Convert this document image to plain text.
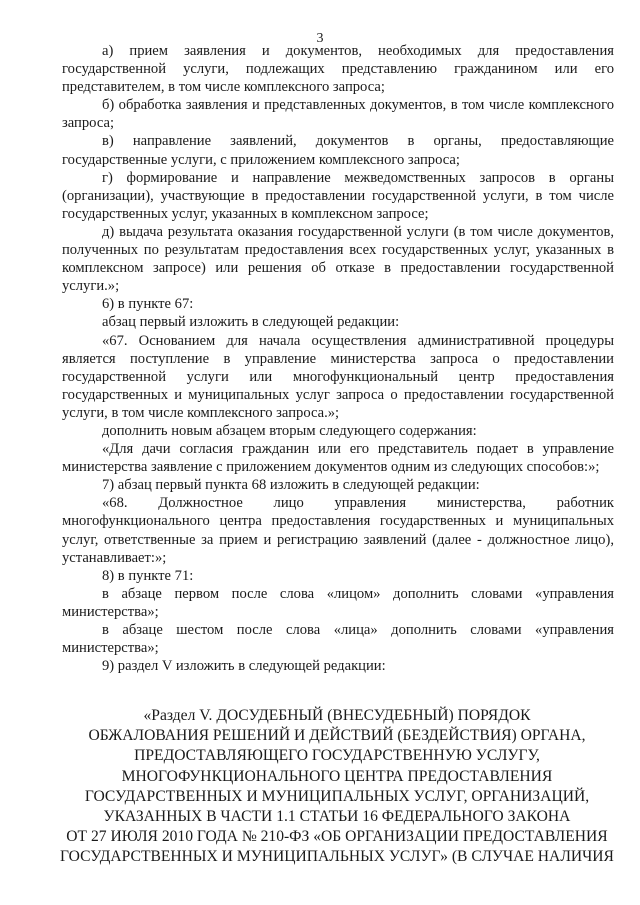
3

а) прием заявления и документов, необходимых для предоставления государственной услуги, подлежащих представлению гражданином или его представителем, в том числе комплексного запроса;

б) обработка заявления и представленных документов, в том числе комплексного запроса;

в) направление заявлений, документов в органы, предоставляющие государственные услуги, с приложением комплексного запроса;

г) формирование и направление межведомственных запросов в органы (организации), участвующие в предоставлении государственной услуги, в том числе государственных услуг, указанных в комплексном запросе;

д) выдача результата оказания государственной услуги (в том числе документов, полученных по результатам предоставления всех государственных услуг, указанных в комплексном запросе) или решения об отказе в предоставлении государственной услуги.»;

6) в пункте 67:

абзац первый изложить в следующей редакции:

«67. Основанием для начала осуществления административной процедуры является поступление в управление министерства запроса о предоставлении государственной услуги или многофункциональный центр предоставления государственных и муниципальных услуг запроса о предоставлении государственной услуги, в том числе комплексного запроса.»;

дополнить новым абзацем вторым следующего содержания:

«Для дачи согласия гражданин или его представитель подает в управление министерства заявление с приложением документов одним из следующих способов:»;

7) абзац первый пункта 68 изложить в следующей редакции:

«68. Должностное лицо управления министерства, работник многофункционального центра предоставления государственных и муниципальных услуг, ответственные за прием и регистрацию заявлений (далее - должностное лицо), устанавливает:»;

8) в пункте 71:

в абзаце первом после слова «лицом» дополнить словами «управления министерства»;

в абзаце шестом после слова «лица» дополнить словами «управления министерства»;

9) раздел V изложить в следующей редакции:

«Раздел V. ДОСУДЕБНЫЙ (ВНЕСУДЕБНЫЙ) ПОРЯДОК
ОБЖАЛОВАНИЯ РЕШЕНИЙ И ДЕЙСТВИЙ (БЕЗДЕЙСТВИЯ) ОРГАНА,
ПРЕДОСТАВЛЯЮЩЕГО ГОСУДАРСТВЕННУЮ УСЛУГУ,
МНОГОФУНКЦИОНАЛЬНОГО ЦЕНТРА ПРЕДОСТАВЛЕНИЯ
ГОСУДАРСТВЕННЫХ И МУНИЦИПАЛЬНЫХ УСЛУГ, ОРГАНИЗАЦИЙ,
УКАЗАННЫХ В ЧАСТИ 1.1 СТАТЬИ 16 ФЕДЕРАЛЬНОГО ЗАКОНА
ОТ 27 ИЮЛЯ 2010 ГОДА № 210-ФЗ «ОБ ОРГАНИЗАЦИИ ПРЕДОСТАВЛЕНИЯ
ГОСУДАРСТВЕННЫХ И МУНИЦИПАЛЬНЫХ УСЛУГ» (В СЛУЧАЕ НАЛИЧИЯ
